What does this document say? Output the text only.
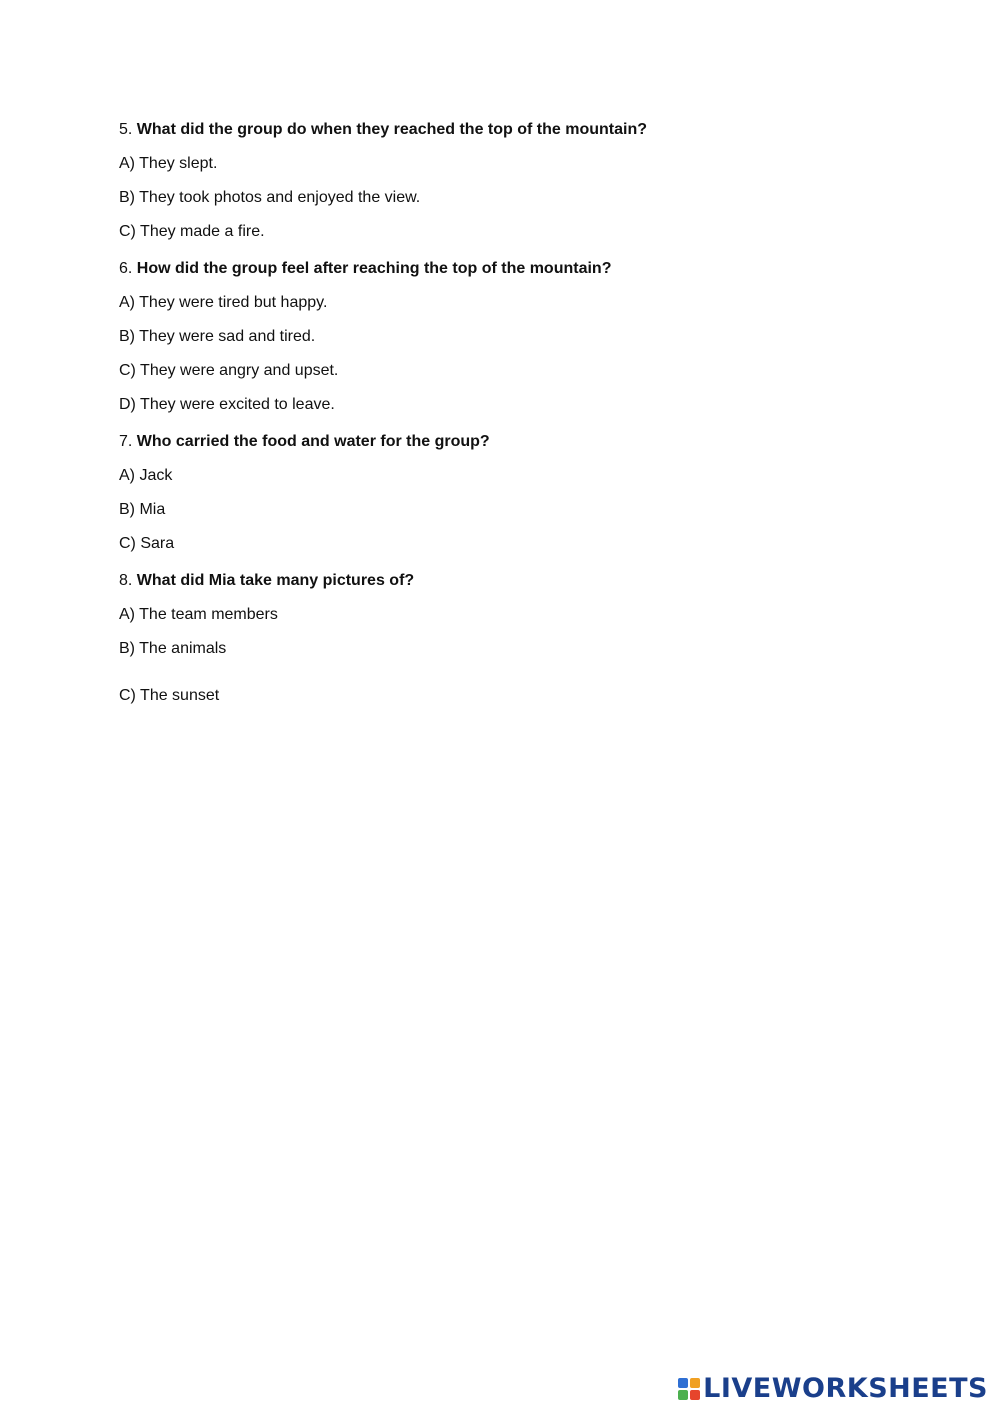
5. What did the group do when they reached the top of the mountain?
A) They slept.
B) They took photos and enjoyed the view.
C) They made a fire.
6. How did the group feel after reaching the top of the mountain?
A) They were tired but happy.
B) They were sad and tired.
C) They were angry and upset.
D) They were excited to leave.
7. Who carried the food and water for the group?
A) Jack
B) Mia
C) Sara
8. What did Mia take many pictures of?
A) The team members
B) The animals
C) The sunset
LIVEWORKSHEETS
